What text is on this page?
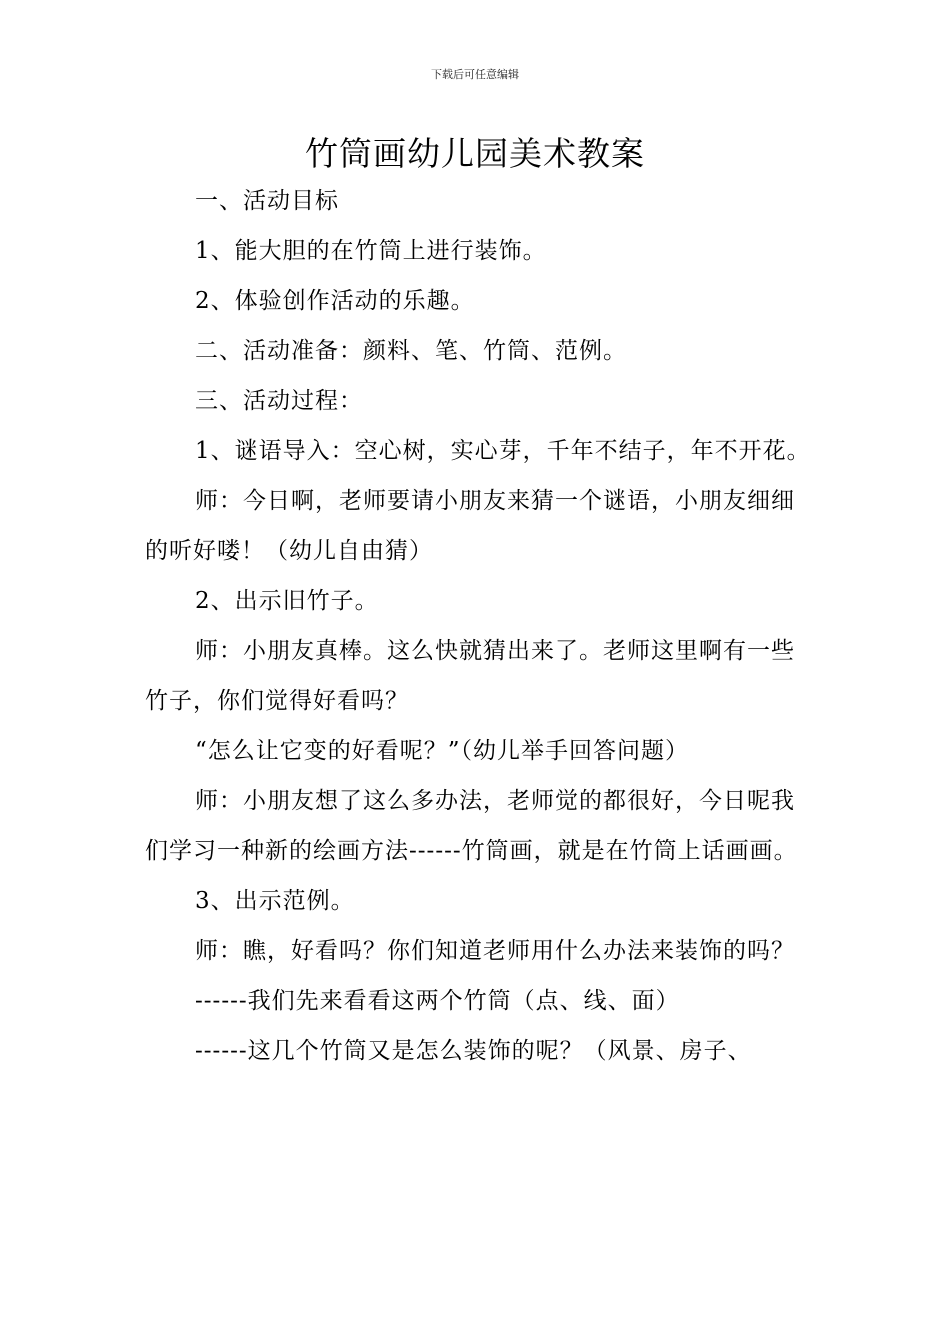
下载后可任意编辑
竹筒画幼儿园美术教案

一、活动目标

1、能大胆的在竹筒上进行装饰。

2、体验创作活动的乐趣。

二、活动准备：颜料、笔、竹筒、范例。

三、活动过程：

1、谜语导入：空心树，实心芽，千年不结子，年不开花。

师：今日啊，老师要请小朋友来猜一个谜语，小朋友细细的听好喽！（幼儿自由猜）

2、出示旧竹子。

师：小朋友真棒。这么快就猜出来了。老师这里啊有一些竹子，你们觉得好看吗？

“怎么让它变的好看呢？”（幼儿举手回答问题）

师：小朋友想了这么多办法，老师觉的都很好，今日呢我们学习一种新的绘画方法------竹筒画，就是在竹筒上话画画。

3、出示范例。

师：瞧，好看吗？你们知道老师用什么办法来装饰的吗？

------我们先来看看这两个竹筒（点、线、面）

------这几个竹筒又是怎么装饰的呢？（风景、房子、
